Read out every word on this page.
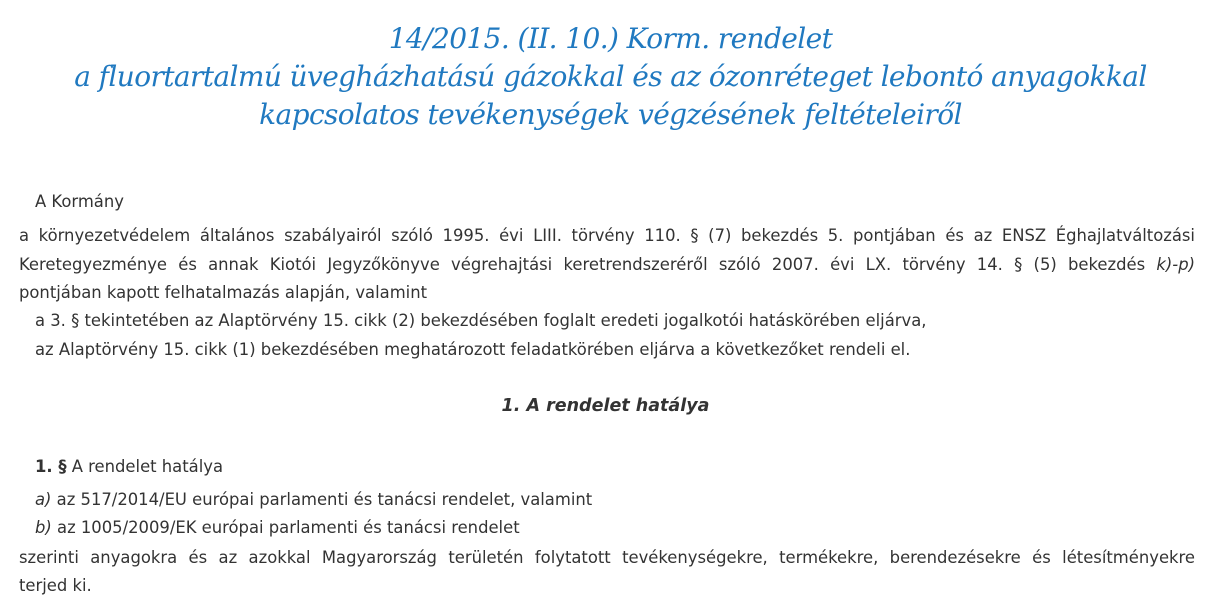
14/2015. (II. 10.) Korm. rendelet
a fluortartalmú üvegházhatású gázokkal és az ózonréteget lebontó anyagokkal
kapcsolatos tevékenységek végzésének feltételeiről
A Kormány
a környezetvédelem általános szabályairól szóló 1995. évi LIII. törvény 110. § (7) bekezdés 5. pontjában és az ENSZ Éghajlatváltozási
Keretegyezménye és annak Kiotói Jegyzőkönyve végrehajtási keretrendszeréről szóló 2007. évi LX. törvény 14. § (5) bekezdés k)-p)
pontjában kapott felhatalmazás alapján, valamint
a 3. § tekintetében az Alaptörvény 15. cikk (2) bekezdésében foglalt eredeti jogalkotói hatáskörében eljárva,
az Alaptörvény 15. cikk (1) bekezdésében meghatározott feladatkörében eljárva a következőket rendeli el.
1. A rendelet hatálya
1. § A rendelet hatálya
a) az 517/2014/EU európai parlamenti és tanácsi rendelet, valamint
b) az 1005/2009/EK európai parlamenti és tanácsi rendelet
szerinti anyagokra és az azokkal Magyarország területén folytatott tevékenységekre, termékekre, berendezésekre és létesítményekre
terjed ki.
